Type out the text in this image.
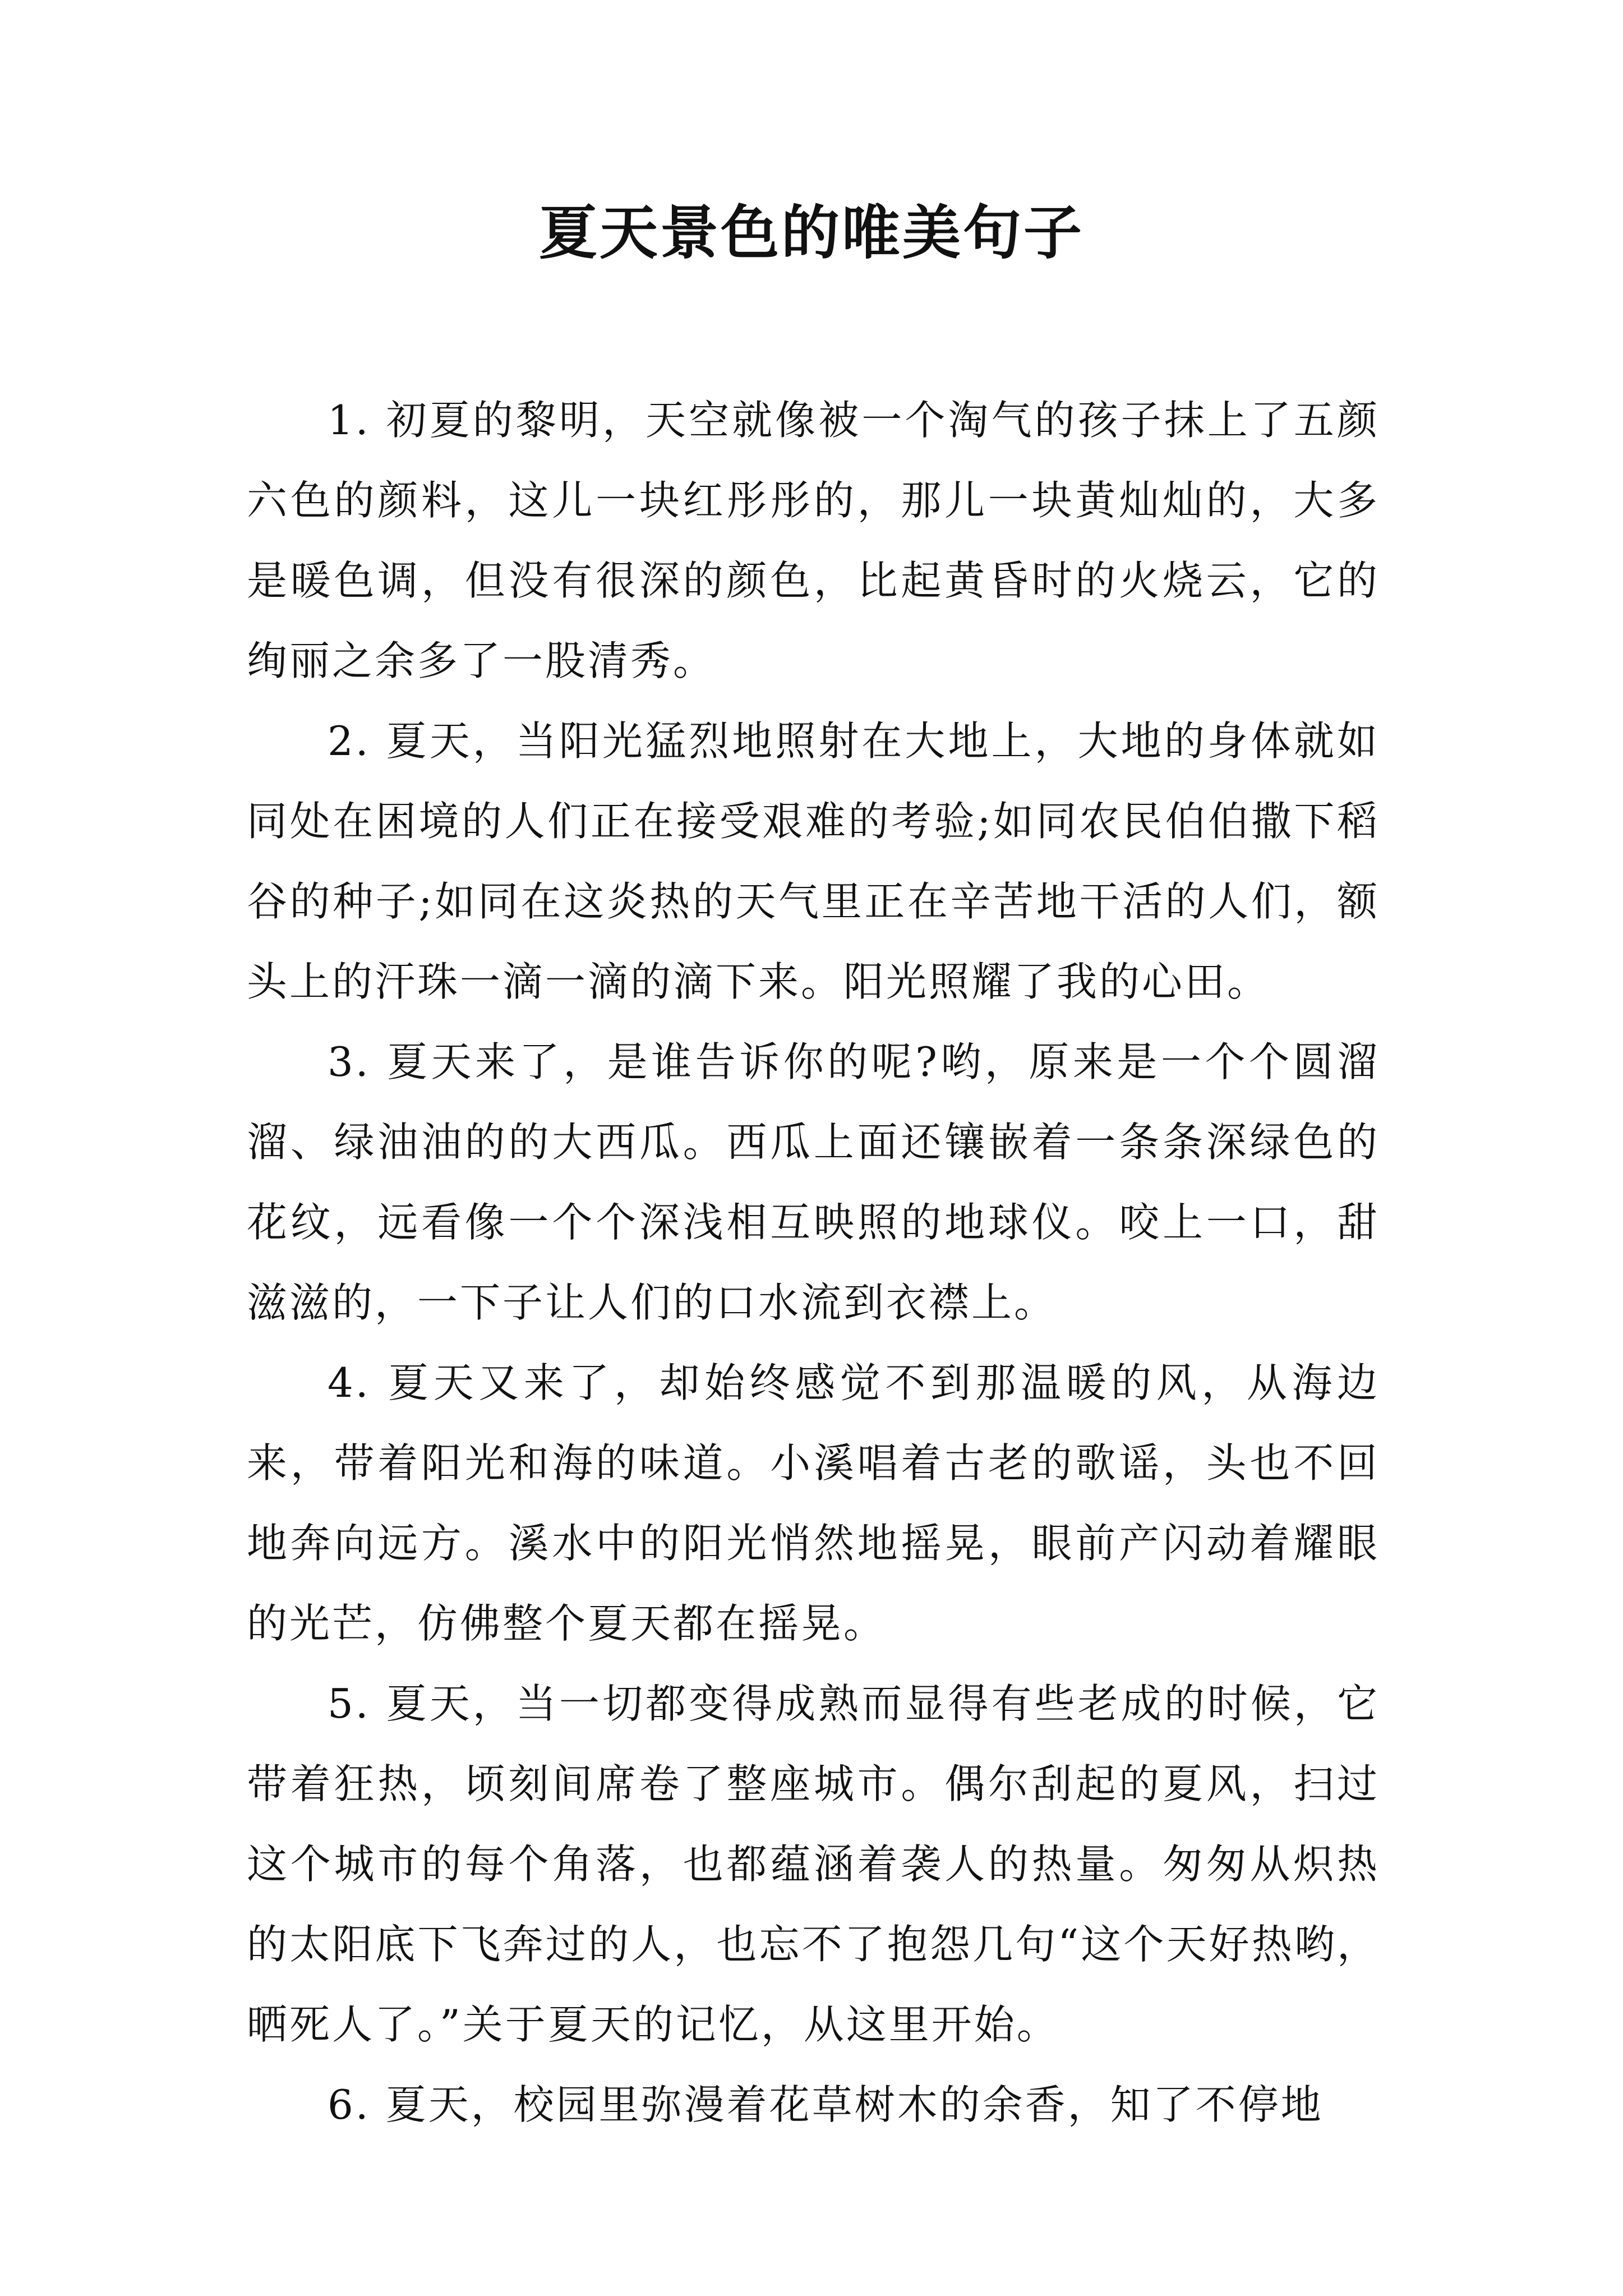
夏天景色的唯美句子

1. 初夏的黎明，天空就像被一个淘气的孩子抹上了五颜六色的颜料，这儿一块红彤彤的，那儿一块黄灿灿的，大多是暖色调，但没有很深的颜色，比起黄昏时的火烧云，它的绚丽之余多了一股清秀。

2. 夏天，当阳光猛烈地照射在大地上，大地的身体就如同处在困境的人们正在接受艰难的考验;如同农民伯伯撒下稻谷的种子;如同在这炎热的天气里正在辛苦地干活的人们，额头上的汗珠一滴一滴的滴下来。阳光照耀了我的心田。

3. 夏天来了，是谁告诉你的呢?哟，原来是一个个圆溜溜、绿油油的的大西瓜。西瓜上面还镶嵌着一条条深绿色的花纹，远看像一个个深浅相互映照的地球仪。咬上一口，甜滋滋的，一下子让人们的口水流到衣襟上。

4. 夏天又来了，却始终感觉不到那温暖的风，从海边来，带着阳光和海的味道。小溪唱着古老的歌谣，头也不回地奔向远方。溪水中的阳光悄然地摇晃，眼前产闪动着耀眼的光芒，仿佛整个夏天都在摇晃。

5. 夏天，当一切都变得成熟而显得有些老成的时候，它带着狂热，顷刻间席卷了整座城市。偶尔刮起的夏风，扫过这个城市的每个角落，也都蕴涵着袭人的热量。匆匆从炽热的太阳底下飞奔过的人，也忘不了抱怨几句“这个天好热哟，晒死人了。”关于夏天的记忆，从这里开始。

6. 夏天，校园里弥漫着花草树木的余香，知了不停地
